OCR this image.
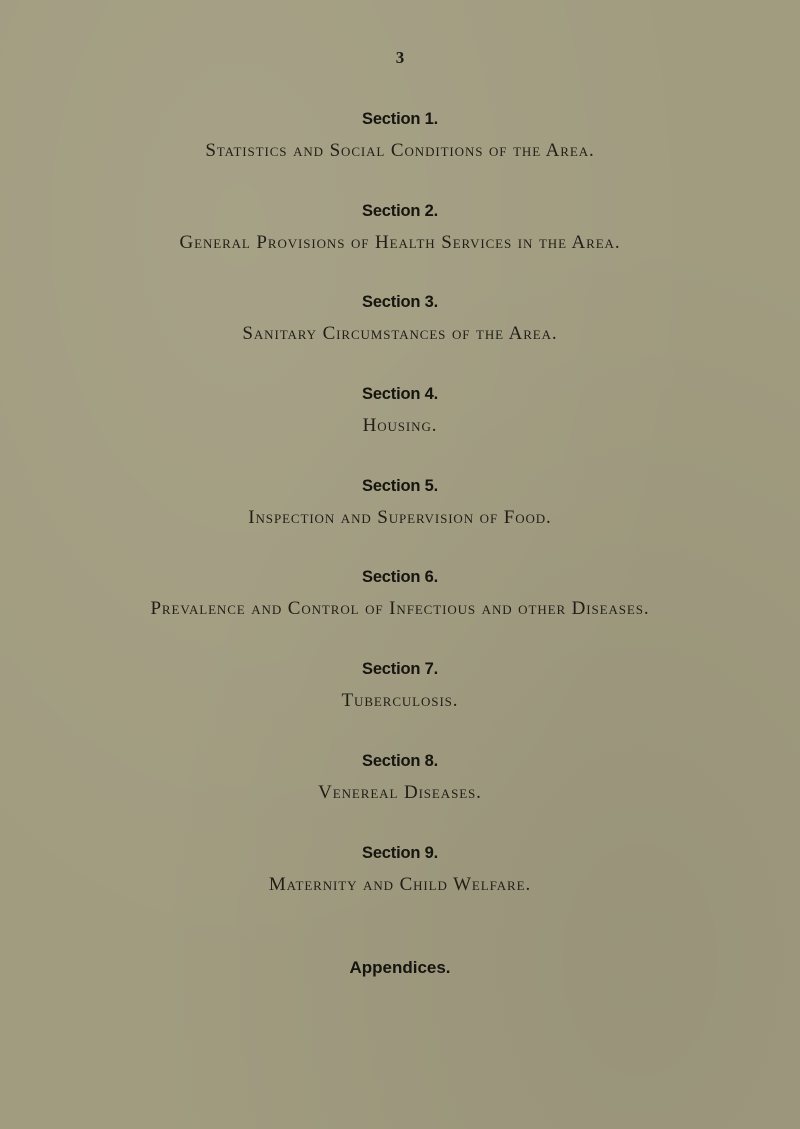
3
Section 1.
Statistics and Social Conditions of the Area.
Section 2.
General Provisions of Health Services in the Area.
Section 3.
Sanitary Circumstances of the Area.
Section 4.
Housing.
Section 5.
Inspection and Supervision of Food.
Section 6.
Prevalence and Control of Infectious and other Diseases.
Section 7.
Tuberculosis.
Section 8.
Venereal Diseases.
Section 9.
Maternity and Child Welfare.
Appendices.
